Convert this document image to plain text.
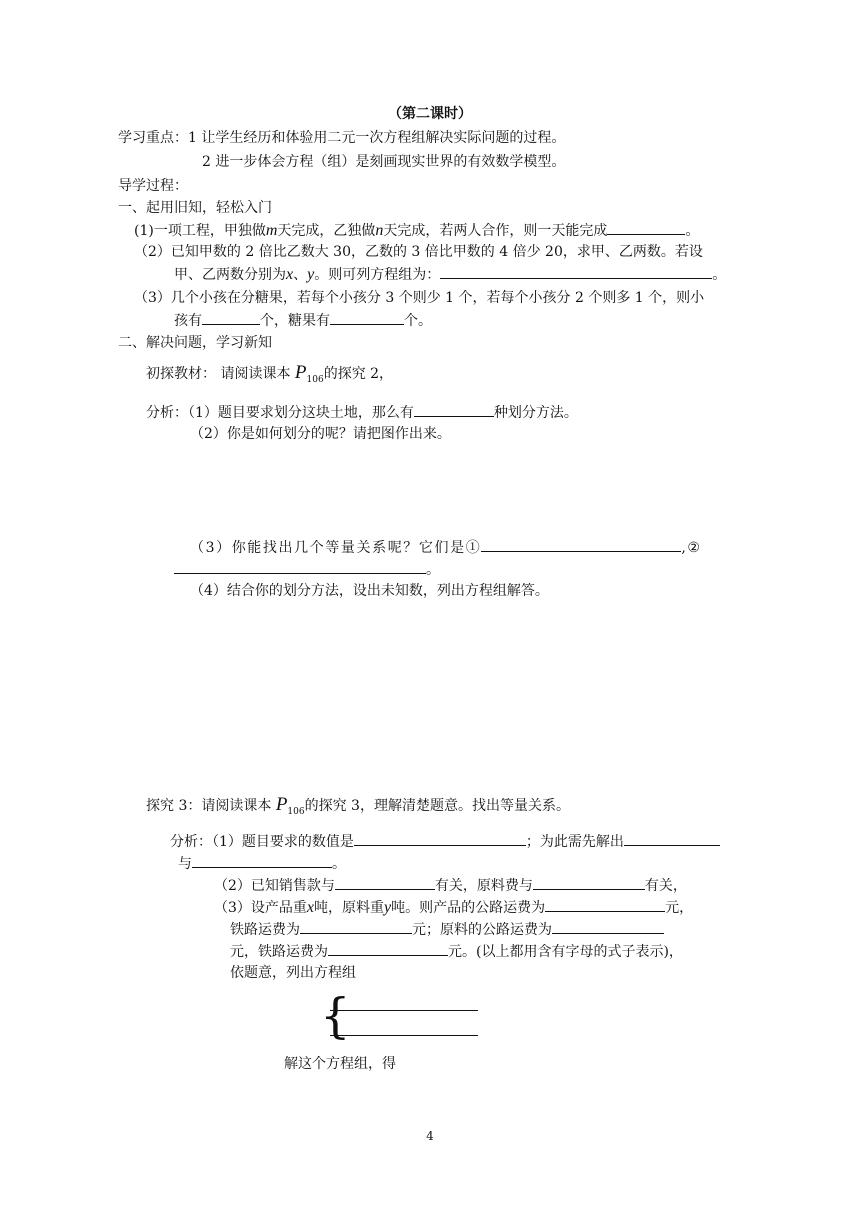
（第二课时）
学习重点：1 让学生经历和体验用二元一次方程组解决实际问题的过程。
2 进一步体会方程（组）是刻画现实世界的有效数学模型。
导学过程：
一、起用旧知，轻松入门
(1)一项工程，甲独做m天完成，乙独做n天完成，若两人合作，则一天能完成	。
（2）已知甲数的 2 倍比乙数大 30，乙数的 3 倍比甲数的 4 倍少 20，求甲、乙两数。若设
甲、乙两数分别为x、y。则可列方程组为：	。
（3）几个小孩在分糖果，若每个小孩分 3 个则少 1 个，若每个小孩分 2 个则多 1 个，则小
孩有	个，糖果有	个。
二、解决问题，学习新知
初探教材： 请阅读课本 $P_{106}$的探究 2，
分析：（1）题目要求划分这块土地，那么有	种划分方法。
（2）你是如何划分的呢？请把图作出来。
（3）你能找出几个等量关系呢？它们是①	,②
。
（4）结合你的划分方法，设出未知数，列出方程组解答。
探究 3：请阅读课本 $P_{106}$的探究 3，理解清楚题意。找出等量关系。
分析：（1）题目要求的数值是	；为此需先解出
与	。
（2）已知销售款与	有关，原料费与	有关，
（3）设产品重x吨，原料重y吨。则产品的公路运费为	元，
铁路运费为	元；原料的公路运费为
元，铁路运费为	元。(以上都用含有字母的式子表示)，
依题意，列出方程组
{
解这个方程组，得
4
